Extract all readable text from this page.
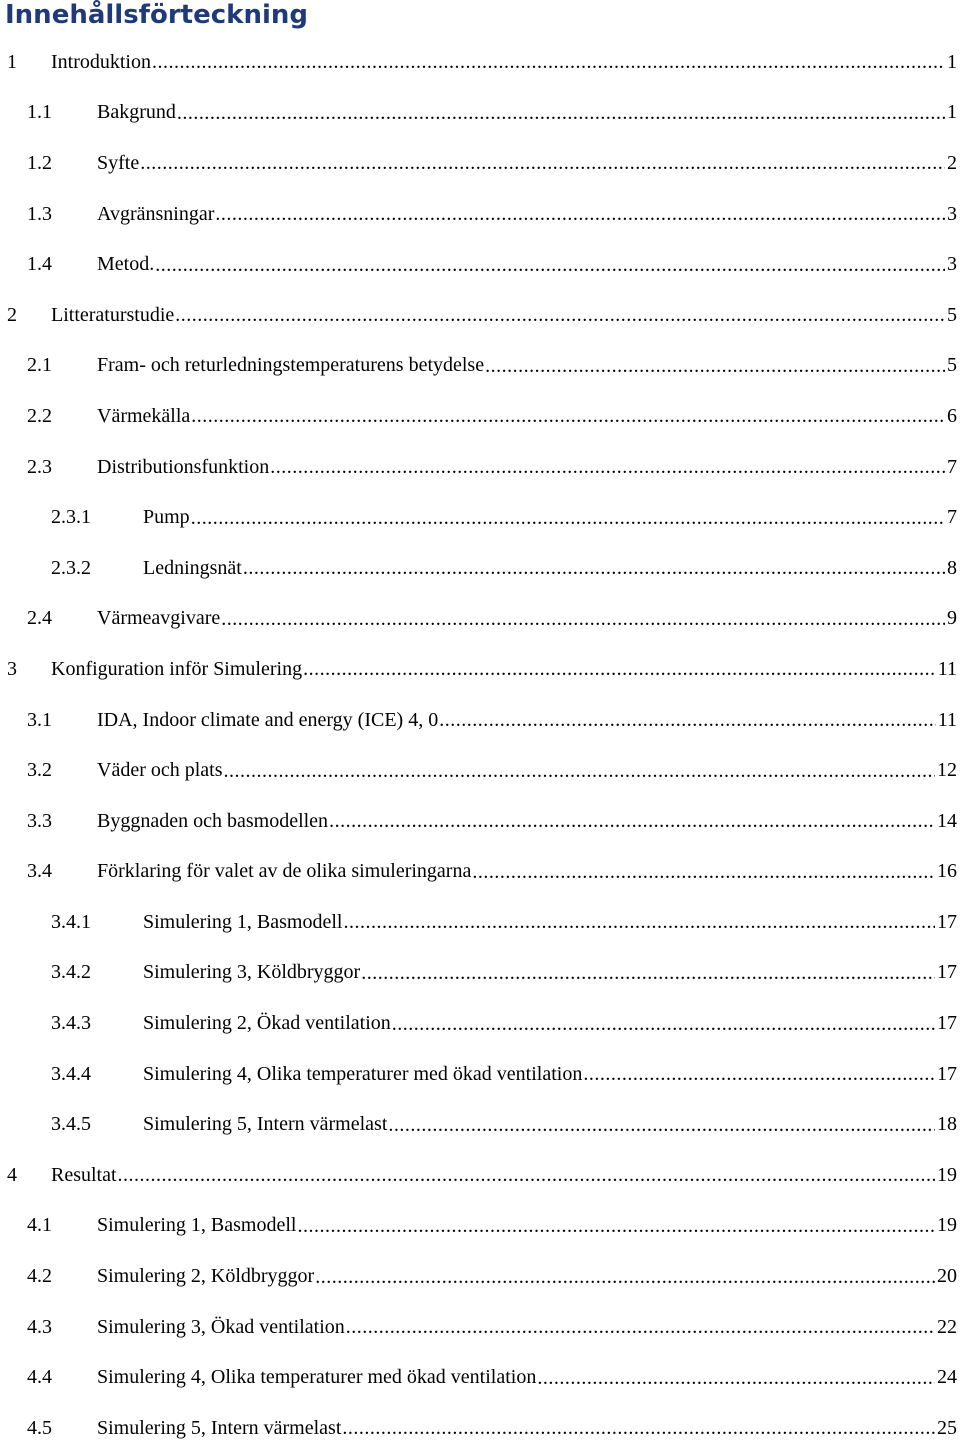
Innehållsförteckning
1	Introduktion .....	1
1.1	Bakgrund .....	1
1.2	Syfte .....	2
1.3	Avgränsningar .....	3
1.4	Metod. .....	3
2	Litteraturstudie .....	5
2.1	Fram- och returledningstemperaturens betydelse .....	5
2.2	Värmekälla .....	6
2.3	Distributionsfunktion .....	7
2.3.1	Pump .....	7
2.3.2	Ledningsnät .....	8
2.4	Värmeavgivare .....	9
3	Konfiguration inför Simulering .....	11
3.1	IDA, Indoor climate and energy (ICE) 4, 0 .....	11
3.2	Väder och plats .....	12
3.3	Byggnaden och basmodellen .....	14
3.4	Förklaring för valet av de olika simuleringarna .....	16
3.4.1	Simulering 1, Basmodell .....	17
3.4.2	Simulering 3, Köldbryggor .....	17
3.4.3	Simulering 2, Ökad ventilation .....	17
3.4.4	Simulering 4, Olika temperaturer med ökad ventilation .....	17
3.4.5	Simulering 5, Intern värmelast .....	18
4	Resultat .....	19
4.1	Simulering 1, Basmodell .....	19
4.2	Simulering 2, Köldbryggor .....	20
4.3	Simulering 3, Ökad ventilation .....	22
4.4	Simulering 4, Olika temperaturer med ökad ventilation .....	24
4.5	Simulering 5, Intern värmelast .....	25
